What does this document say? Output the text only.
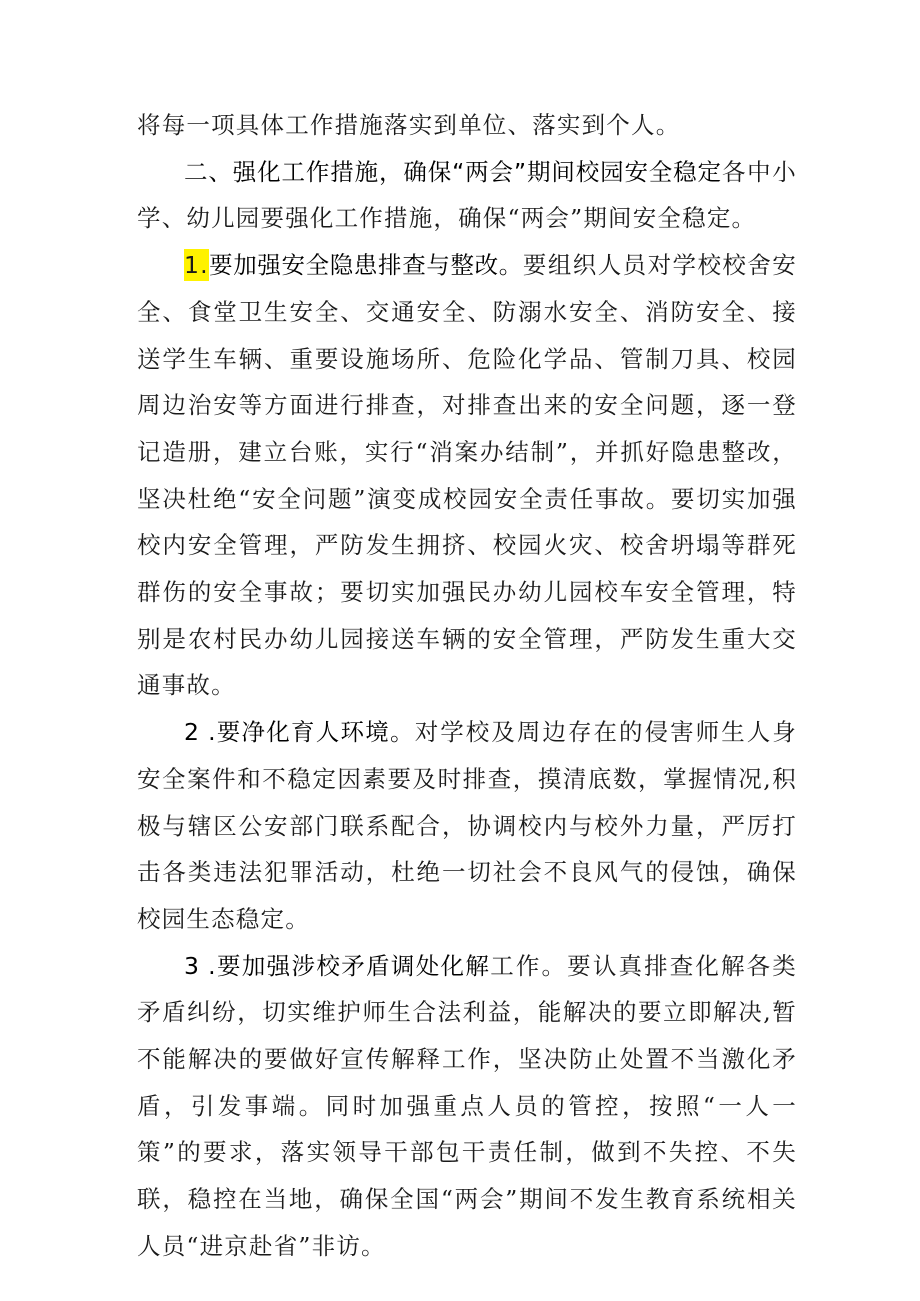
将每一项具体工作措施落实到单位、落实到个人。

二、强化工作措施，确保“两会”期间校园安全稳定各中小学、幼儿园要强化工作措施，确保“两会”期间安全稳定。

1.要加强安全隐患排查与整改。要组织人员对学校校舍安全、食堂卫生安全、交通安全、防溺水安全、消防安全、接送学生车辆、重要设施场所、危险化学品、管制刀具、校园周边治安等方面进行排查，对排查出来的安全问题，逐一登记造册，建立台账，实行“消案办结制”，并抓好隐患整改，坚决杜绝“安全问题”演变成校园安全责任事故。要切实加强校内安全管理，严防发生拥挤、校园火灾、校舍坍塌等群死群伤的安全事故；要切实加强民办幼儿园校车安全管理，特别是农村民办幼儿园接送车辆的安全管理，严防发生重大交通事故。

2 .要净化育人环境。对学校及周边存在的侵害师生人身安全案件和不稳定因素要及时排查，摸清底数，掌握情况,积极与辖区公安部门联系配合，协调校内与校外力量，严厉打击各类违法犯罪活动，杜绝一切社会不良风气的侵蚀，确保校园生态稳定。

3 .要加强涉校矛盾调处化解工作。要认真排查化解各类矛盾纠纷，切实维护师生合法利益，能解决的要立即解决,暂不能解决的要做好宣传解释工作，坚决防止处置不当激化矛盾，引发事端。同时加强重点人员的管控，按照“一人一策”的要求，落实领导干部包干责任制，做到不失控、不失联，稳控在当地，确保全国“两会”期间不发生教育系统相关人员“进京赴省”非访。
